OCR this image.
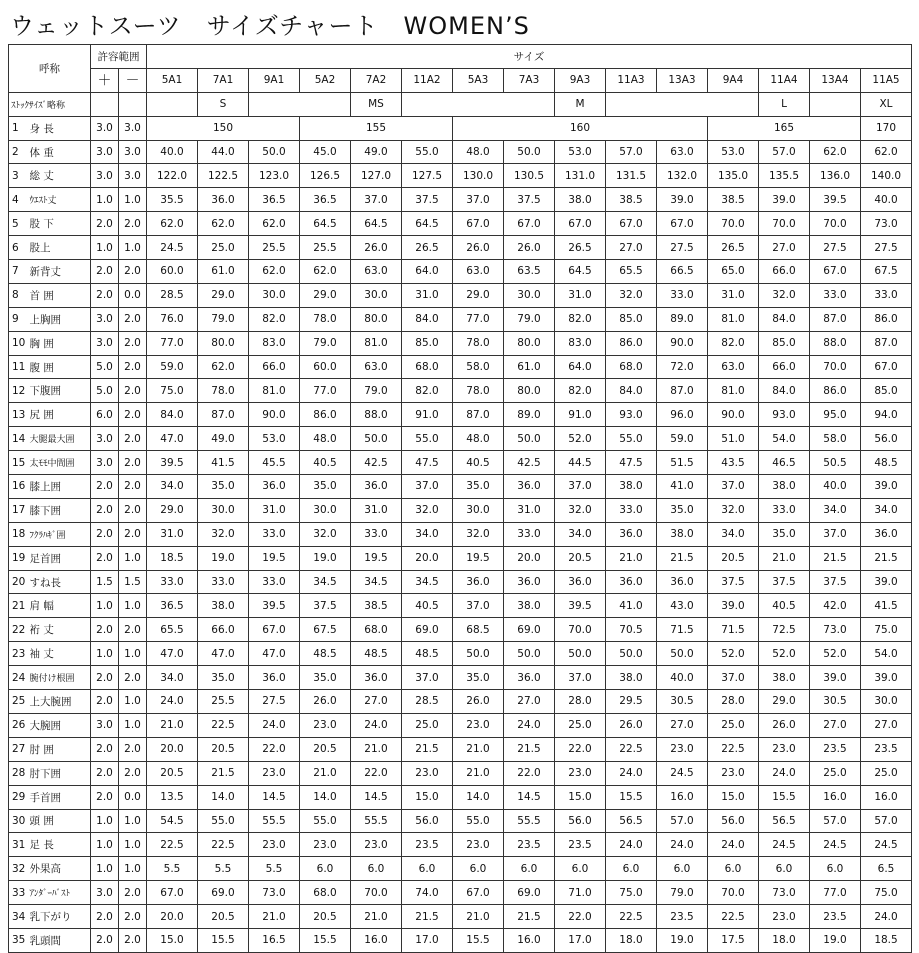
ウェットスーツ　サイズチャート　WOMEN’S
呼称		許容範囲		サイズ														
		＋	－	5A1	7A1	9A1	5A2	7A2	11A2	5A3	7A3	9A3	11A3	13A3	9A4	11A4	13A4	11A5
ｽﾄｯｸｻｲｽﾞ略称					S			MS				M				L		XL
1	身 長	3.0	3.0	150			155			160					165			170
2	体 重	3.0	3.0	40.0	44.0	50.0	45.0	49.0	55.0	48.0	50.0	53.0	57.0	63.0	53.0	57.0	62.0	62.0
3	総 丈	3.0	3.0	122.0	122.5	123.0	126.5	127.0	127.5	130.0	130.5	131.0	131.5	132.0	135.0	135.5	136.0	140.0
4	ｳｴｽﾄ丈	1.0	1.0	35.5	36.0	36.5	36.5	37.0	37.5	37.0	37.5	38.0	38.5	39.0	38.5	39.0	39.5	40.0
5	股 下	2.0	2.0	62.0	62.0	62.0	64.5	64.5	64.5	67.0	67.0	67.0	67.0	67.0	70.0	70.0	70.0	73.0
6	股上	1.0	1.0	24.5	25.0	25.5	25.5	26.0	26.5	26.0	26.0	26.5	27.0	27.5	26.5	27.0	27.5	27.5
7	新背丈	2.0	2.0	60.0	61.0	62.0	62.0	63.0	64.0	63.0	63.5	64.5	65.5	66.5	65.0	66.0	67.0	67.5
8	首 囲	2.0	0.0	28.5	29.0	30.0	29.0	30.0	31.0	29.0	30.0	31.0	32.0	33.0	31.0	32.0	33.0	33.0
9	上胸囲	3.0	2.0	76.0	79.0	82.0	78.0	80.0	84.0	77.0	79.0	82.0	85.0	89.0	81.0	84.0	87.0	86.0
10	胸 囲	3.0	2.0	77.0	80.0	83.0	79.0	81.0	85.0	78.0	80.0	83.0	86.0	90.0	82.0	85.0	88.0	87.0
11	腹 囲	5.0	2.0	59.0	62.0	66.0	60.0	63.0	68.0	58.0	61.0	64.0	68.0	72.0	63.0	66.0	70.0	67.0
12	下腹囲	5.0	2.0	75.0	78.0	81.0	77.0	79.0	82.0	78.0	80.0	82.0	84.0	87.0	81.0	84.0	86.0	85.0
13	尻 囲	6.0	2.0	84.0	87.0	90.0	86.0	88.0	91.0	87.0	89.0	91.0	93.0	96.0	90.0	93.0	95.0	94.0
14	大腿最大囲	3.0	2.0	47.0	49.0	53.0	48.0	50.0	55.0	48.0	50.0	52.0	55.0	59.0	51.0	54.0	58.0	56.0
15	太ﾓﾓ中間囲	3.0	2.0	39.5	41.5	45.5	40.5	42.5	47.5	40.5	42.5	44.5	47.5	51.5	43.5	46.5	50.5	48.5
16	膝上囲	2.0	2.0	34.0	35.0	36.0	35.0	36.0	37.0	35.0	36.0	37.0	38.0	41.0	37.0	38.0	40.0	39.0
17	膝下囲	2.0	2.0	29.0	30.0	31.0	30.0	31.0	32.0	30.0	31.0	32.0	33.0	35.0	32.0	33.0	34.0	34.0
18	ﾌｸﾗﾊｷﾞ囲	2.0	2.0	31.0	32.0	33.0	32.0	33.0	34.0	32.0	33.0	34.0	36.0	38.0	34.0	35.0	37.0	36.0
19	足首囲	2.0	1.0	18.5	19.0	19.5	19.0	19.5	20.0	19.5	20.0	20.5	21.0	21.5	20.5	21.0	21.5	21.5
20	すね長	1.5	1.5	33.0	33.0	33.0	34.5	34.5	34.5	36.0	36.0	36.0	36.0	36.0	37.5	37.5	37.5	39.0
21	肩 幅	1.0	1.0	36.5	38.0	39.5	37.5	38.5	40.5	37.0	38.0	39.5	41.0	43.0	39.0	40.5	42.0	41.5
22	裄 丈	2.0	2.0	65.5	66.0	67.0	67.5	68.0	69.0	68.5	69.0	70.0	70.5	71.5	71.5	72.5	73.0	75.0
23	袖 丈	1.0	1.0	47.0	47.0	47.0	48.5	48.5	48.5	50.0	50.0	50.0	50.0	50.0	52.0	52.0	52.0	54.0
24	腕付け根囲	2.0	2.0	34.0	35.0	36.0	35.0	36.0	37.0	35.0	36.0	37.0	38.0	40.0	37.0	38.0	39.0	39.0
25	上大腕囲	2.0	1.0	24.0	25.5	27.5	26.0	27.0	28.5	26.0	27.0	28.0	29.5	30.5	28.0	29.0	30.5	30.0
26	大腕囲	3.0	1.0	21.0	22.5	24.0	23.0	24.0	25.0	23.0	24.0	25.0	26.0	27.0	25.0	26.0	27.0	27.0
27	肘 囲	2.0	2.0	20.0	20.5	22.0	20.5	21.0	21.5	21.0	21.5	22.0	22.5	23.0	22.5	23.0	23.5	23.5
28	肘下囲	2.0	2.0	20.5	21.5	23.0	21.0	22.0	23.0	21.0	22.0	23.0	24.0	24.5	23.0	24.0	25.0	25.0
29	手首囲	2.0	0.0	13.5	14.0	14.5	14.0	14.5	15.0	14.0	14.5	15.0	15.5	16.0	15.0	15.5	16.0	16.0
30	頭 囲	1.0	1.0	54.5	55.0	55.5	55.0	55.5	56.0	55.0	55.5	56.0	56.5	57.0	56.0	56.5	57.0	57.0
31	足 長	1.0	1.0	22.5	22.5	23.0	23.0	23.0	23.5	23.0	23.5	23.5	24.0	24.0	24.0	24.5	24.5	24.5
32	外果高	1.0	1.0	5.5	5.5	5.5	6.0	6.0	6.0	6.0	6.0	6.0	6.0	6.0	6.0	6.0	6.0	6.5
33	ｱﾝﾀﾞｰﾊﾞｽﾄ	3.0	2.0	67.0	69.0	73.0	68.0	70.0	74.0	67.0	69.0	71.0	75.0	79.0	70.0	73.0	77.0	75.0
34	乳下がり	2.0	2.0	20.0	20.5	21.0	20.5	21.0	21.5	21.0	21.5	22.0	22.5	23.5	22.5	23.0	23.5	24.0
35	乳頭間	2.0	2.0	15.0	15.5	16.5	15.5	16.0	17.0	15.5	16.0	17.0	18.0	19.0	17.5	18.0	19.0	18.5
